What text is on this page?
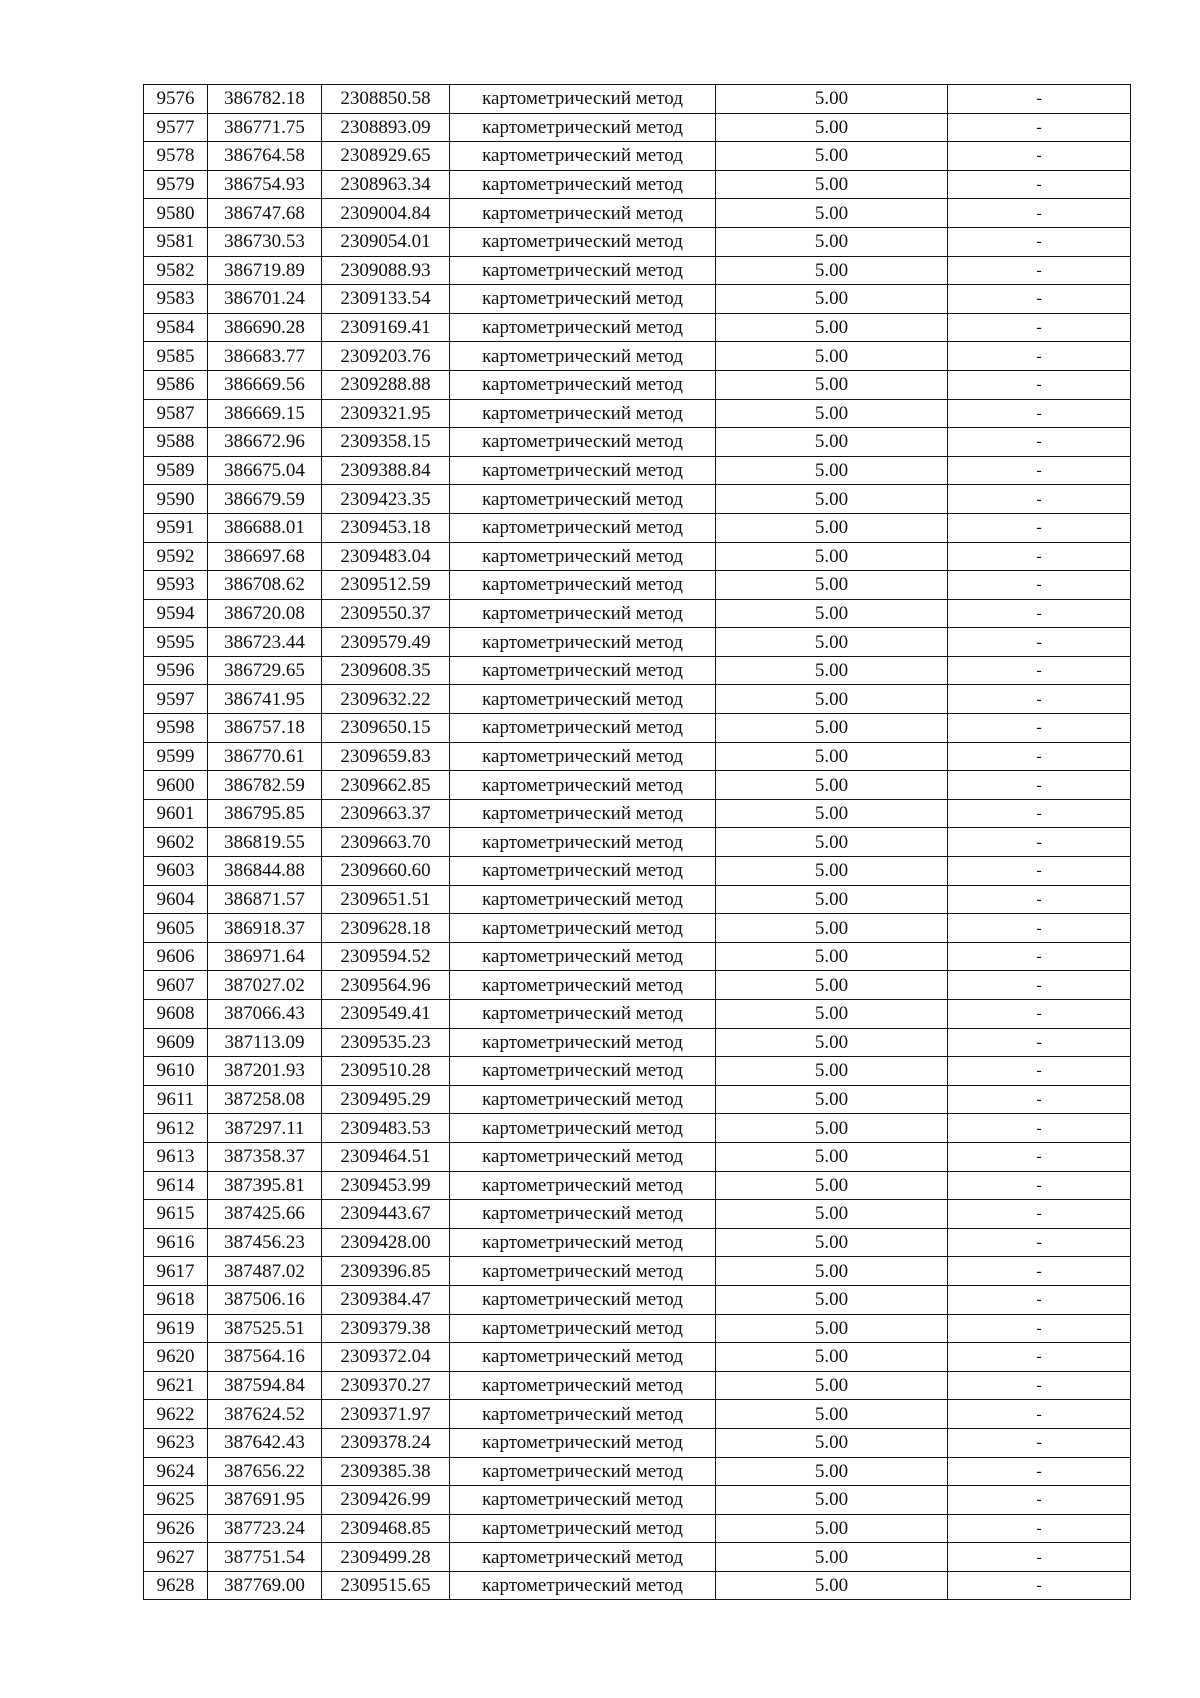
9576	386782.18	2308850.58	картометрический метод	5.00	-
9577	386771.75	2308893.09	картометрический метод	5.00	-
9578	386764.58	2308929.65	картометрический метод	5.00	-
9579	386754.93	2308963.34	картометрический метод	5.00	-
9580	386747.68	2309004.84	картометрический метод	5.00	-
9581	386730.53	2309054.01	картометрический метод	5.00	-
9582	386719.89	2309088.93	картометрический метод	5.00	-
9583	386701.24	2309133.54	картометрический метод	5.00	-
9584	386690.28	2309169.41	картометрический метод	5.00	-
9585	386683.77	2309203.76	картометрический метод	5.00	-
9586	386669.56	2309288.88	картометрический метод	5.00	-
9587	386669.15	2309321.95	картометрический метод	5.00	-
9588	386672.96	2309358.15	картометрический метод	5.00	-
9589	386675.04	2309388.84	картометрический метод	5.00	-
9590	386679.59	2309423.35	картометрический метод	5.00	-
9591	386688.01	2309453.18	картометрический метод	5.00	-
9592	386697.68	2309483.04	картометрический метод	5.00	-
9593	386708.62	2309512.59	картометрический метод	5.00	-
9594	386720.08	2309550.37	картометрический метод	5.00	-
9595	386723.44	2309579.49	картометрический метод	5.00	-
9596	386729.65	2309608.35	картометрический метод	5.00	-
9597	386741.95	2309632.22	картометрический метод	5.00	-
9598	386757.18	2309650.15	картометрический метод	5.00	-
9599	386770.61	2309659.83	картометрический метод	5.00	-
9600	386782.59	2309662.85	картометрический метод	5.00	-
9601	386795.85	2309663.37	картометрический метод	5.00	-
9602	386819.55	2309663.70	картометрический метод	5.00	-
9603	386844.88	2309660.60	картометрический метод	5.00	-
9604	386871.57	2309651.51	картометрический метод	5.00	-
9605	386918.37	2309628.18	картометрический метод	5.00	-
9606	386971.64	2309594.52	картометрический метод	5.00	-
9607	387027.02	2309564.96	картометрический метод	5.00	-
9608	387066.43	2309549.41	картометрический метод	5.00	-
9609	387113.09	2309535.23	картометрический метод	5.00	-
9610	387201.93	2309510.28	картометрический метод	5.00	-
9611	387258.08	2309495.29	картометрический метод	5.00	-
9612	387297.11	2309483.53	картометрический метод	5.00	-
9613	387358.37	2309464.51	картометрический метод	5.00	-
9614	387395.81	2309453.99	картометрический метод	5.00	-
9615	387425.66	2309443.67	картометрический метод	5.00	-
9616	387456.23	2309428.00	картометрический метод	5.00	-
9617	387487.02	2309396.85	картометрический метод	5.00	-
9618	387506.16	2309384.47	картометрический метод	5.00	-
9619	387525.51	2309379.38	картометрический метод	5.00	-
9620	387564.16	2309372.04	картометрический метод	5.00	-
9621	387594.84	2309370.27	картометрический метод	5.00	-
9622	387624.52	2309371.97	картометрический метод	5.00	-
9623	387642.43	2309378.24	картометрический метод	5.00	-
9624	387656.22	2309385.38	картометрический метод	5.00	-
9625	387691.95	2309426.99	картометрический метод	5.00	-
9626	387723.24	2309468.85	картометрический метод	5.00	-
9627	387751.54	2309499.28	картометрический метод	5.00	-
9628	387769.00	2309515.65	картометрический метод	5.00	-
